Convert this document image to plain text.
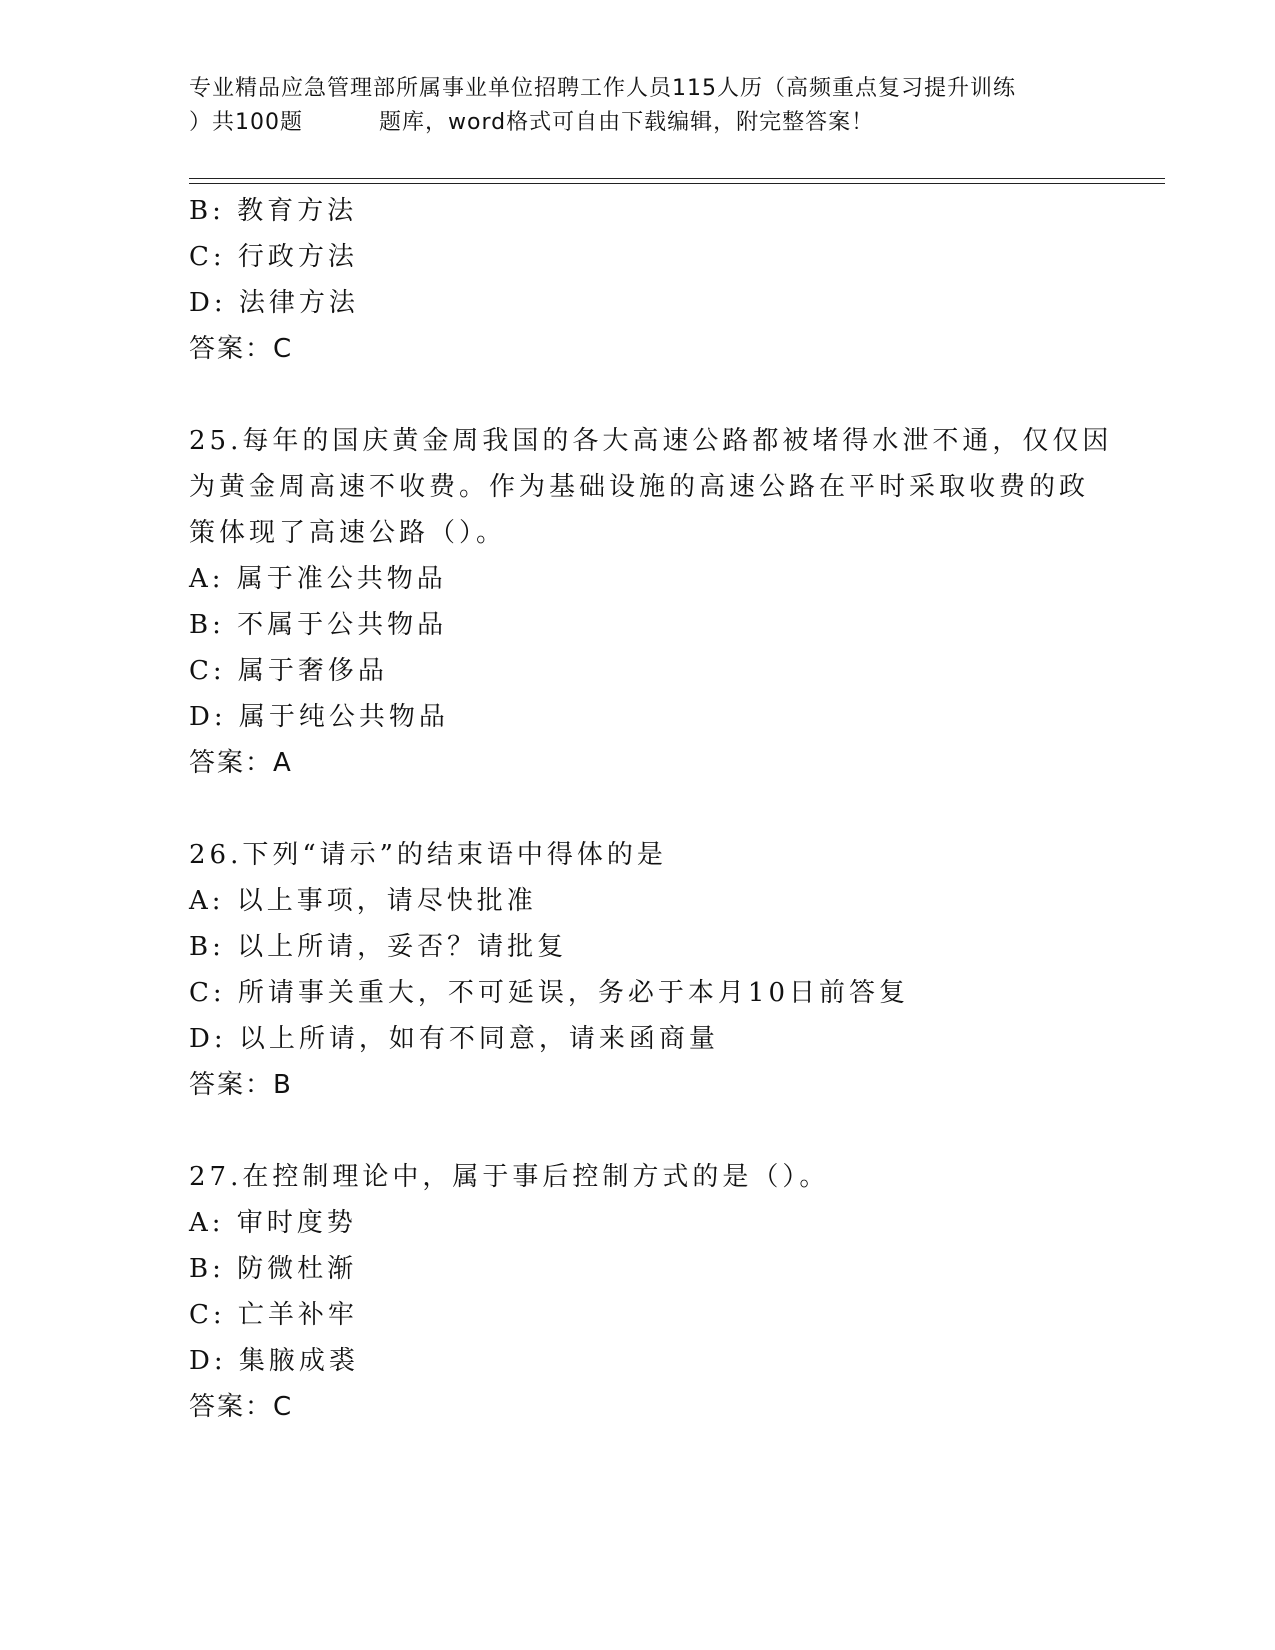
专业精品应急管理部所属事业单位招聘工作人员115人历（高频重点复习提升训练
）共100题	题库，word格式可自由下载编辑，附完整答案！
B: 教育方法
C: 行政方法
D: 法律方法
答案：C
25.每年的国庆黄金周我国的各大高速公路都被堵得水泄不通，仅仅因
为黄金周高速不收费。作为基础设施的高速公路在平时采取收费的政
策体现了高速公路（）。
A: 属于准公共物品
B: 不属于公共物品
C: 属于奢侈品
D: 属于纯公共物品
答案：A
26.下列“请示”的结束语中得体的是
A: 以上事项，请尽快批准
B: 以上所请，妥否？请批复
C: 所请事关重大，不可延误，务必于本月10日前答复
D: 以上所请，如有不同意，请来函商量
答案：B
27.在控制理论中，属于事后控制方式的是（）。
A: 审时度势
B: 防微杜渐
C: 亡羊补牢
D: 集腋成裘
答案：C
